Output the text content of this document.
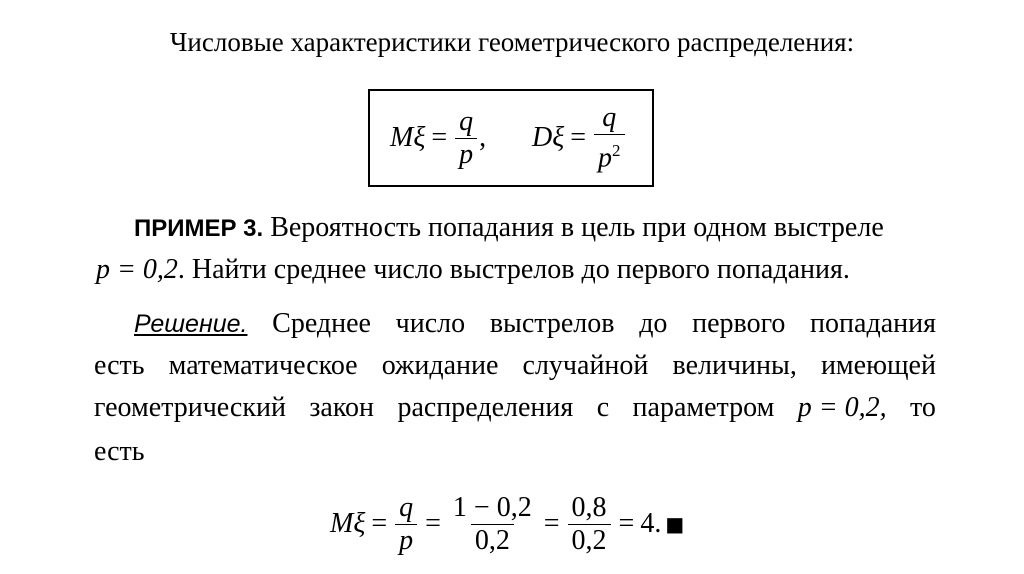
Числовые характеристики геометрического распределения:
$M\xi = \frac{q}{p}$ , $D\xi = \frac{q}{p^2}$
ПРИМЕР 3. Вероятность попадания в цель при одном выстреле
p = 0,2. Найти среднее число выстрелов до первого попадания.
Решение. Среднее число выстрелов до первого попадания
есть математическое ожидание случайной величины, имеющей
геометрический закон распределения с параметром p = 0,2, то
есть
$M\xi = \frac{q}{p} = \frac{1 - 0,2}{0,2} = \frac{0,8}{0,2} = 4$ . ■
